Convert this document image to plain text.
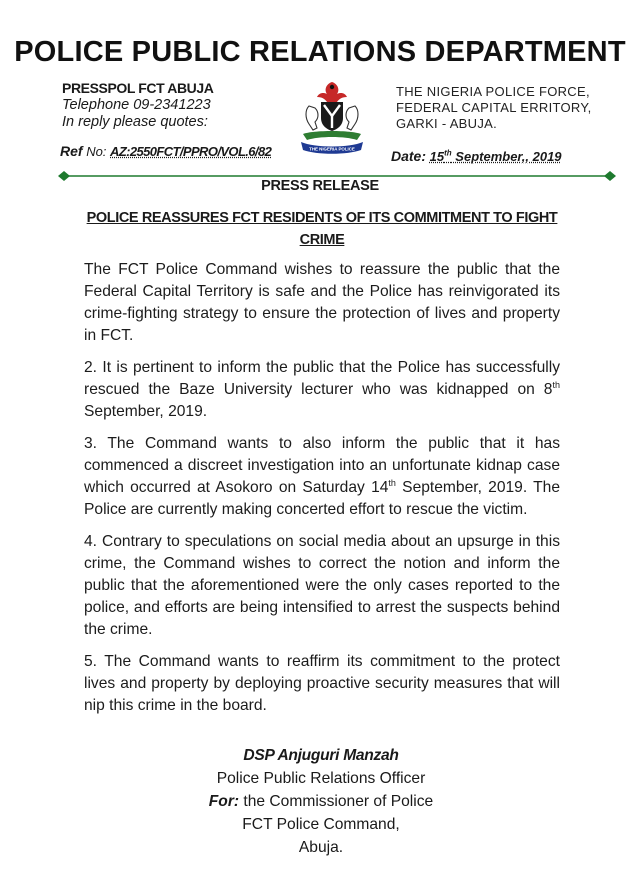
POLICE PUBLIC RELATIONS DEPARTMENT
PRESSPOL FCT ABUJA
Telephone 09-2341223
In reply please quotes:
THE NIGERIA POLICE
THE NIGERIA POLICE FORCE,
FEDERAL CAPITAL ERRITORY,
GARKI - ABUJA.
Ref No: AZ:2550FCT/PPRO/VOL.6/82	Date: 15th September,, 2019
PRESS RELEASE
POLICE REASSURES FCT RESIDENTS OF ITS COMMITMENT TO FIGHT CRIME

The FCT Police Command wishes to reassure the public that the Federal Capital Territory is safe and the Police has reinvigorated its crime-fighting strategy to ensure the protection of lives and property in FCT.

2. It is pertinent to inform the public that the Police has successfully rescued the Baze University lecturer who was kidnapped on 8th September, 2019.

3. The Command wants to also inform the public that it has commenced a discreet investigation into an unfortunate kidnap case which occurred at Asokoro on Saturday 14th September, 2019. The Police are currently making concerted effort to rescue the victim.

4. Contrary to speculations on social media about an upsurge in this crime, the Command wishes to correct the notion and inform the public that the aforementioned were the only cases reported to the police, and efforts are being intensified to arrest the suspects behind the crime.

5. The Command wants to reaffirm its commitment to the protect lives and property by deploying proactive security measures that will nip this crime in the board.

DSP Anjuguri Manzah
Police Public Relations Officer
For: the Commissioner of Police
FCT Police Command,
Abuja.
